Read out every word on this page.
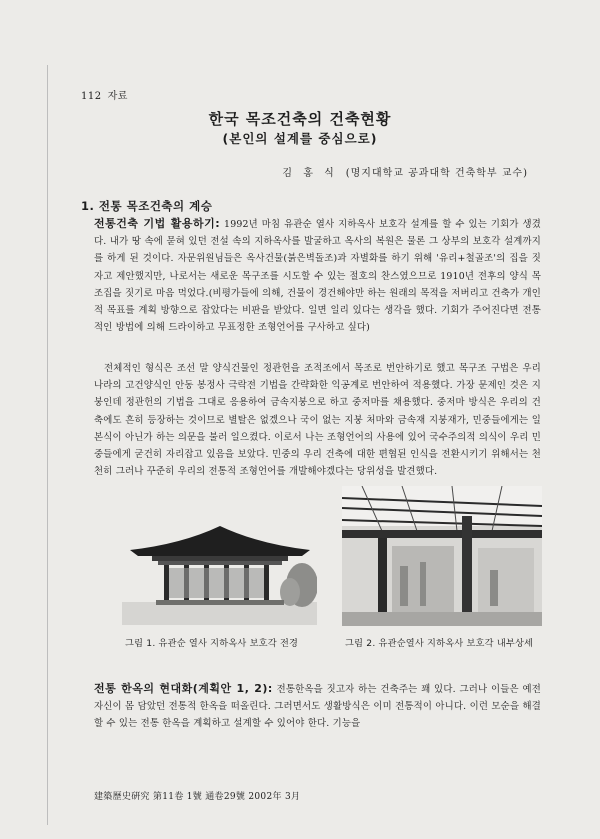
112 자료
한국 목조건축의 건축현황
(본인의 설계를 중심으로)
김 홍 식 (명지대학교 공과대학 건축학부 교수)
1. 전통 목조건축의 계승
전통건축 기법 활용하기: 1992년 마침 유관순 열사 지하옥사 보호각 설계를 할 수 있는 기회가 생겼다. 내가 땅 속에 묻혀 있던 전설 속의 지하옥사를 발굴하고 옥사의 복원은 물론 그 상부의 보호각 설계까지를 하게 된 것이다. 자문위원님들은 옥사건물(붉은벽돌조)과 자별화를 하기 위해 '유리+철골조'의 집을 짓자고 제안했지만, 나로서는 새로운 목구조를 시도할 수 있는 절호의 찬스였으므로 1910년 전후의 양식 목조집을 짓기로 마음 먹었다.(비평가들에 의해, 건물이 경건해야만 하는 원래의 목적을 저버리고 건축가 개인적 목표를 계획 방향으로 잡았다는 비판을 받았다. 일면 일리 있다는 생각을 했다. 기회가 주어진다면 전통적인 방법에 의해 드라이하고 무표정한 조형언어를 구사하고 싶다)
전체적인 형식은 조선 말 양식건물인 정관헌을 조적조에서 목조로 번안하기로 했고 목구조 구법은 우리 나라의 고건양식인 안동 봉정사 극락전 기법을 간략화한 익공계로 번안하여 적용했다. 가장 문제인 것은 지붕인데 정관헌의 기법을 그대로 응용하여 금속지붕으로 하고 중저마를 채용했다. 중저마 방식은 우리의 건축에도 흔히 등장하는 것이므로 별탈은 없겠으나 국이 없는 지붕 처마와 금속재 지붕재가, 민중들에게는 일본식이 아닌가 하는 의문을 불러 일으켰다. 이로서 나는 조형언어의 사용에 있어 국수주의적 의식이 우리 민중들에게 굳건히 자리잡고 있음을 보았다. 민중의 우리 건축에 대한 편협된 인식을 전환시키기 위해서는 천천히 그러나 꾸준히 우리의 전통적 조형언어를 개발해야겠다는 당위성을 발견했다.
그림 1. 유관순 열사 지하옥사 보호각 전경	그림 2. 유관순열사 지하옥사 보호각 내부상세
전통 한옥의 현대화(계획안 1, 2): 전통한옥을 짓고자 하는 건축주는 꽤 있다. 그러나 이들은 예전 자신이 몸 담았던 전통적 한옥을 떠올린다. 그러면서도 생활방식은 이미 전통적이 아니다. 이런 모순을 해결할 수 있는 전통 한옥을 계획하고 설계할 수 있어야 한다. 기능을
建築歷史硏究 第11卷 1號 通卷29號 2002年 3月
